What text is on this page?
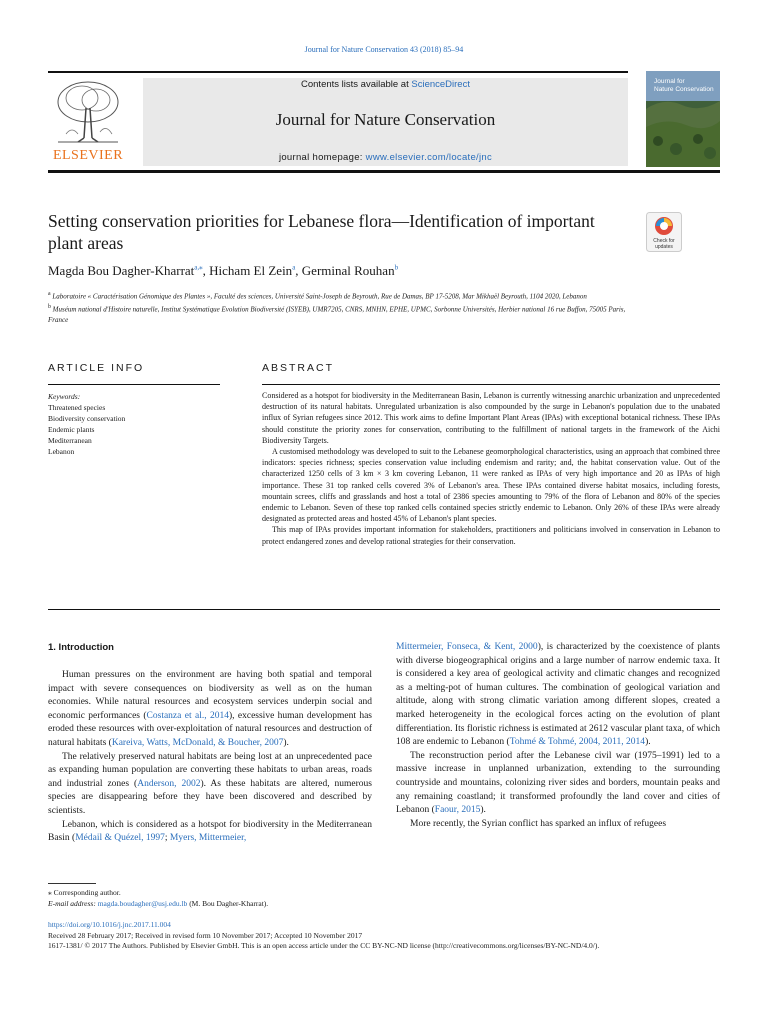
Journal for Nature Conservation 43 (2018) 85–94
ELSEVIER
Contents lists available at ScienceDirect
Journal for Nature Conservation
journal homepage: www.elsevier.com/locate/jnc
Journal for
Nature Conservation
Setting conservation priorities for Lebanese flora—Identification of important plant areas	Check for
updates
Magda Bou Dagher-Kharrat$^{a,⁎}$, Hicham El Zein$^a$, Germinal Rouhan$^b$
$^a$ Laboratoire « Caractérisation Génomique des Plantes », Faculté des sciences, Université Saint-Joseph de Beyrouth, Rue de Damas, BP 17-5208, Mar Mikhaël Beyrouth, 1104 2020, Lebanon
$^b$ Muséum national d'Histoire naturelle, Institut Systématique Evolution Biodiversité (ISYEB), UMR7205, CNRS, MNHN, EPHE, UPMC, Sorbonne Universités, Herbier national 16 rue Buffon, 75005 Paris, France
ARTICLE INFO	ABSTRACT
Keywords:
Threatened species
Biodiversity conservation
Endemic plants
Mediterranean
Lebanon

Considered as a hotspot for biodiversity in the Mediterranean Basin, Lebanon is currently witnessing anarchic urbanization and unprecedented destruction of its natural habitats. Unregulated urbanization is also compounded by the surge in Lebanon's population due to the unabated influx of Syrian refugees since 2012. This work aims to define Important Plant Areas (IPAs) with exceptional botanical richness. These IPAs should constitute the priority zones for conservation, contributing to the fulfillment of national targets in the framework of the Aichi Biodiversity Targets.

A customised methodology was developed to suit to the Lebanese geomorphological characteristics, using an approach that combined three indicators: species richness; species conservation value including endemism and rarity; and, the habitat conservation value. Out of the characterized 1250 cells of 3 km × 3 km covering Lebanon, 11 were ranked as IPAs of very high importance and 20 as IPAs of high importance. These 31 top ranked cells covered 3% of Lebanon's area. These IPAs contained diverse habitat mosaics, including forests, mountain screes, cliffs and grasslands and host a total of 2386 species amounting to 79% of the flora of Lebanon and 80% of the species endemic to Lebanon. Seven of these top ranked cells contained species strictly endemic to Lebanon. Only 26% of these IPAs were already designated as protected areas and hosted 45% of Lebanon's plant species.

This map of IPAs provides important information for stakeholders, practitioners and politicians involved in conservation in Lebanon to protect endangered zones and develop rational strategies for their conservation.

1. Introduction

Human pressures on the environment are having both spatial and temporal impact with severe consequences on biodiversity as well as on the human economies. While natural resources and ecosystem services underpin social and economic performances (Costanza et al., 2014), excessive human development has eroded these resources with over-exploitation of natural resources and destruction of natural habitats (Kareiva, Watts, McDonald, & Boucher, 2007).

The relatively preserved natural habitats are being lost at an unprecedented pace as expanding human population are converting these habitats to urban areas, roads and industrial zones (Anderson, 2002). As these habitats are altered, numerous species are disappearing before they have been discovered and described by scientists.

Lebanon, which is considered as a hotspot for biodiversity in the Mediterranean Basin (Médail & Quézel, 1997; Myers, Mittermeier,

Mittermeier, Fonseca, & Kent, 2000), is characterized by the coexistence of plants with diverse biogeographical origins and a large number of narrow endemic taxa. It is considered a key area of geological activity and climatic changes and recognized as a melting-pot of human cultures. The combination of geological variation and altitude, along with strong climatic variation among different slopes, created a marked heterogeneity in the ecological forces acting on the evolution of plant differentiation. Its floristic richness is estimated at 2612 vascular plant taxa, of which 108 are endemic to Lebanon (Tohmé & Tohmé, 2004, 2011, 2014).

The reconstruction period after the Lebanese civil war (1975–1991) led to a massive increase in unplanned urbanization, extending to the surrounding countryside and mountains, colonizing river sides and borders, mountain peaks and any remaining coastland; it transformed profoundly the land cover and cities of Lebanon (Faour, 2015).

More recently, the Syrian conflict has sparked an influx of refugees

⁎ Corresponding author.
E-mail address: magda.boudagher@usj.edu.lb (M. Bou Dagher-Kharrat).
https://doi.org/10.1016/j.jnc.2017.11.004
Received 28 February 2017; Received in revised form 10 November 2017; Accepted 10 November 2017
1617-1381/ © 2017 The Authors. Published by Elsevier GmbH. This is an open access article under the CC BY-NC-ND license (http://creativecommons.org/licenses/BY-NC-ND/4.0/).
